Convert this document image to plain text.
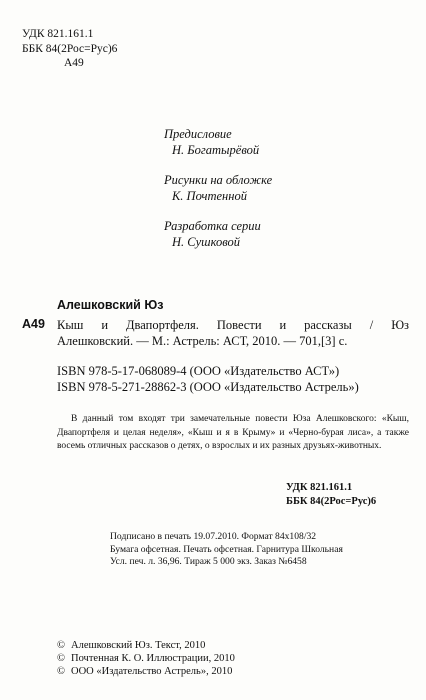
УДК 821.161.1
ББК 84(2Рос=Рус)6
А49
Предисловие
Н. Богатырёвой
Рисунки на обложке
К. Почтенной
Разработка серии
Н. Сушковой
Алешковский Юз
А49 Кыш и Двапортфеля. Повести и рассказы / Юз
Алешковский. — М.: Астрель: АСТ, 2010. — 701,[3] с.
ISBN 978-5-17-068089-4 (ООО «Издательство АСТ»)
ISBN 978-5-271-28862-3 (ООО «Издательство Астрель»)
В данный том входят три замечательные повести Юза Алешковского: «Кыш, Двапортфеля и целая неделя», «Кыш и я в Крыму» и «Черно-бурая лиса», а также восемь отличных рассказов о детях, о взрослых и их разных друзьях-животных.
УДК 821.161.1
ББК 84(2Рос=Рус)6
Подписано в печать 19.07.2010. Формат 84x108/32
Бумага офсетная. Печать офсетная. Гарнитура Школьная
Усл. печ. л. 36,96. Тираж 5 000 экз. Заказ №6458
© Алешковский Юз. Текст, 2010
© Почтенная К. О. Иллюстрации, 2010
© ООО «Издательство Астрель», 2010
